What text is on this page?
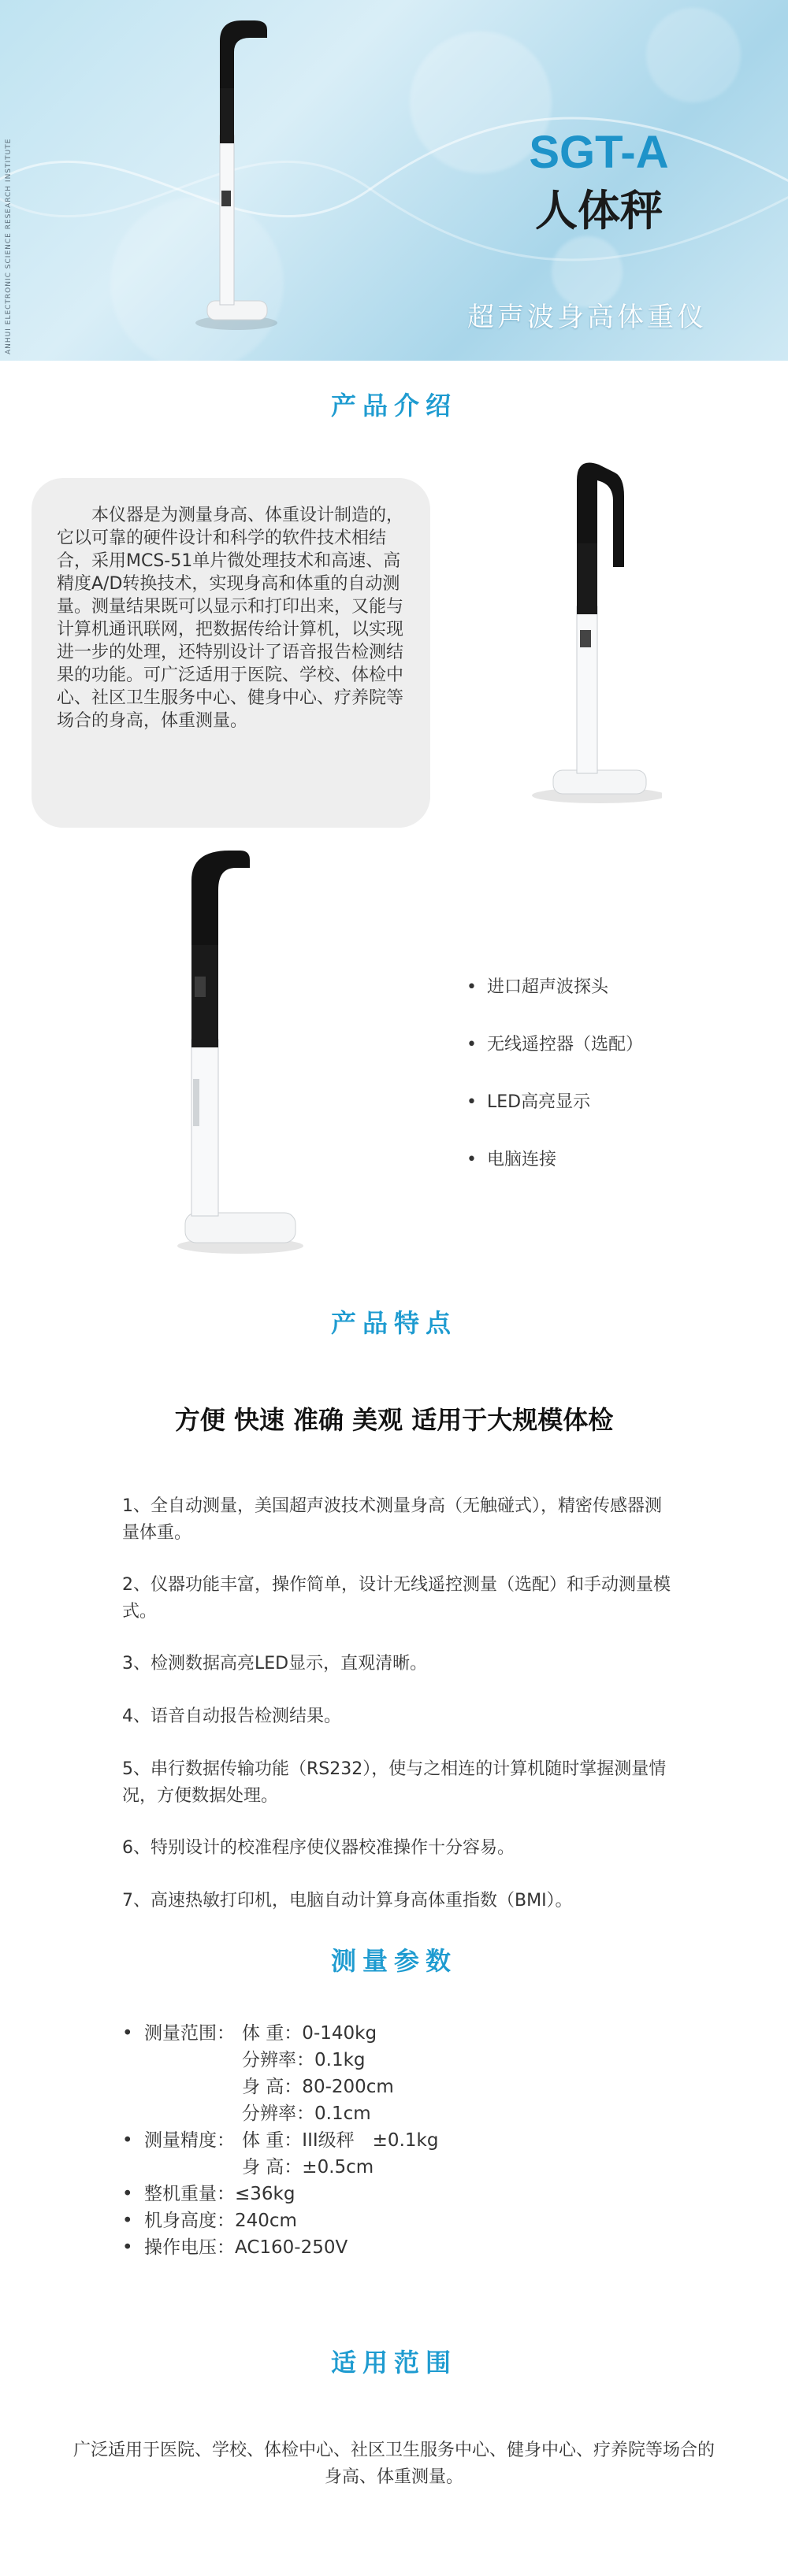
ANHUI ELECTRONIC SCIENCE RESEARCH INSTITUTE	SGT-A
人体秤
超声波身高体重仪
产品介绍
本仪器是为测量身高、体重设计制造的，它以可靠的硬件设计和科学的软件技术相结合，采用MCS-51单片微处理技术和高速、高精度A/D转换技术，实现身高和体重的自动测量。测量结果既可以显示和打印出来，又能与计算机通讯联网，把数据传给计算机，以实现进一步的处理，还特别设计了语音报告检测结果的功能。可广泛适用于医院、学校、体检中心、社区卫生服务中心、健身中心、疗养院等场合的身高，体重测量。
• 进口超声波探头
• 无线遥控器（选配）
• LED高亮显示
• 电脑连接
产品特点
方便 快速 准确 美观 适用于大规模体检

1、全自动测量，美国超声波技术测量身高（无触碰式），精密传感器测量体重。

2、仪器功能丰富，操作简单，设计无线遥控测量（选配）和手动测量模式。

3、检测数据高亮LED显示，直观清晰。

4、语音自动报告检测结果。

5、串行数据传输功能（RS232），使与之相连的计算机随时掌握测量情况，方便数据处理。

6、特别设计的校准程序使仪器校准操作十分容易。

7、高速热敏打印机，电脑自动计算身高体重指数（BMI）。

测量参数
• 测量范围： 体 重：0-140kg
分辨率：0.1kg
身 高：80-200cm
分辨率：0.1cm
• 测量精度： 体 重：III级秤　±0.1kg
身 高：±0.5cm
• 整机重量：≤36kg
• 机身高度：240cm
• 操作电压：AC160-250V
适用范围
广泛适用于医院、学校、体检中心、社区卫生服务中心、健身中心、疗养院等场合的身高、体重测量。
